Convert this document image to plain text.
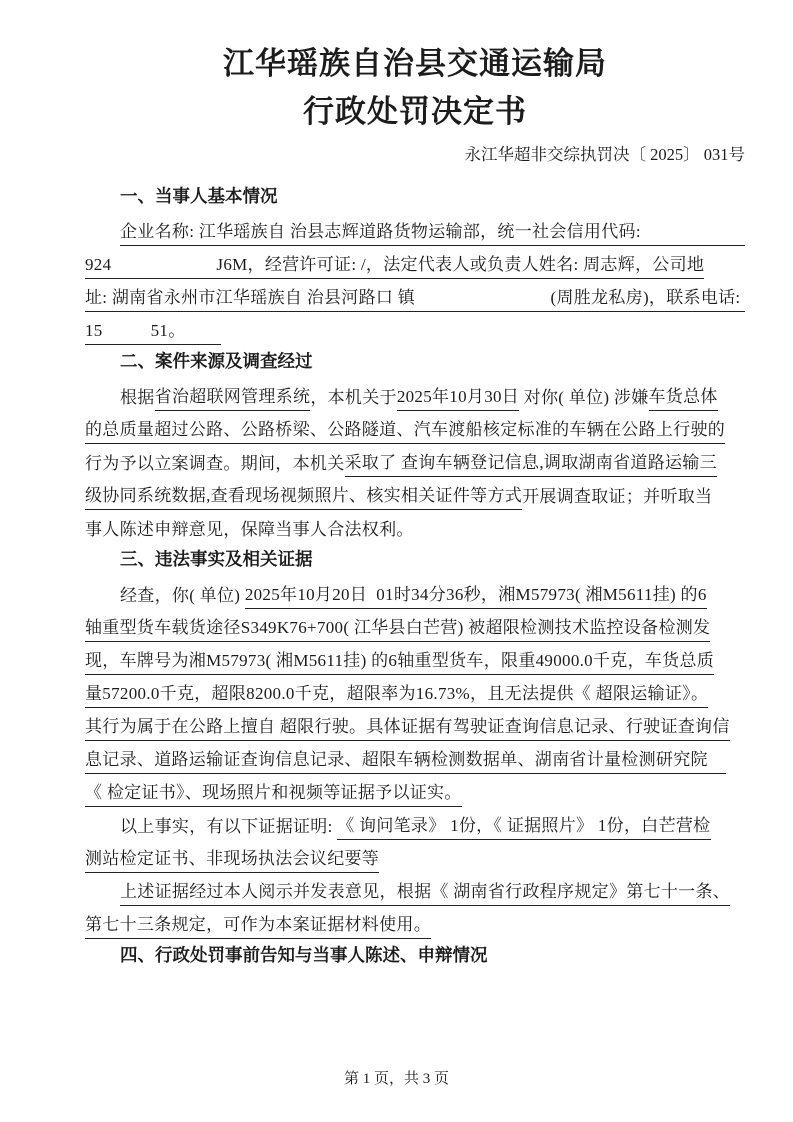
江华瑶族自治县交通运输局
行政处罚决定书
永江华超非交综执罚决〔 2025〕 031号
一、当事人基本情况
企业名称: 江华瑶族自 治县志辉道路货物运输部，统一社会信用代码:
924	J6M，经营许可证: /，法定代表人或负责人姓名: 周志辉，公司地
址: 湖南省永州市江华瑶族自 治县河路口 镇	(周胜龙私房)，联系电话:
15	51。
二、案件来源及调查经过
根据 省治超联网管理系统 ，本机关于 2025年10月30日 对你( 单位) 涉嫌 车货总体
的总质量超过公路、公路桥梁、公路隧道、汽车渡船核定标准的车辆在公路上行驶的
行为予以立案调查。期间，本机关 采取了 查询车辆登记信息,调取湖南省道路运输三
级协同系统数据,查看现场视频照片、核实相关证件等方式 开展调查取证；并听取当
事人陈述申辩意见，保障当事人合法权利。
三、违法事实及相关证据
经查，你( 单位) 2025年10月20日  01时34分36秒，湘M57973( 湘M5611挂) 的6
轴重型货车载货途径S349K76+700( 江华县白芒营) 被超限检测技术监控设备检测发
现，车牌号为湘M57973( 湘M5611挂) 的6轴重型货车，限重49000.0千克，车货总质
量57200.0千克，超限8200.0千克，超限率为16.73%，且无法提供《 超限运输证》。
其行为属于在公路上擅自 超限行驶。具体证据有驾驶证查询信息记录、行驶证查询信
息记录、道路运输证查询信息记录、超限车辆检测数据单、湖南省计量检测研究院
《 检定证书》、现场照片和视频等证据予以证实。
以上事实，有以下证据证明: 《 询问笔录》 1份，《 证据照片》 1份，白芒营检
测站检定证书、非现场执法会议纪要等
上述证据经过本人阅示并发表意见，根据《 湖南省行政程序规定》第七十一条、
第七十三条规定，可作为本案证据材料使用。
四、行政处罚事前告知与当事人陈述、申辩情况
第 1 页，共 3 页
